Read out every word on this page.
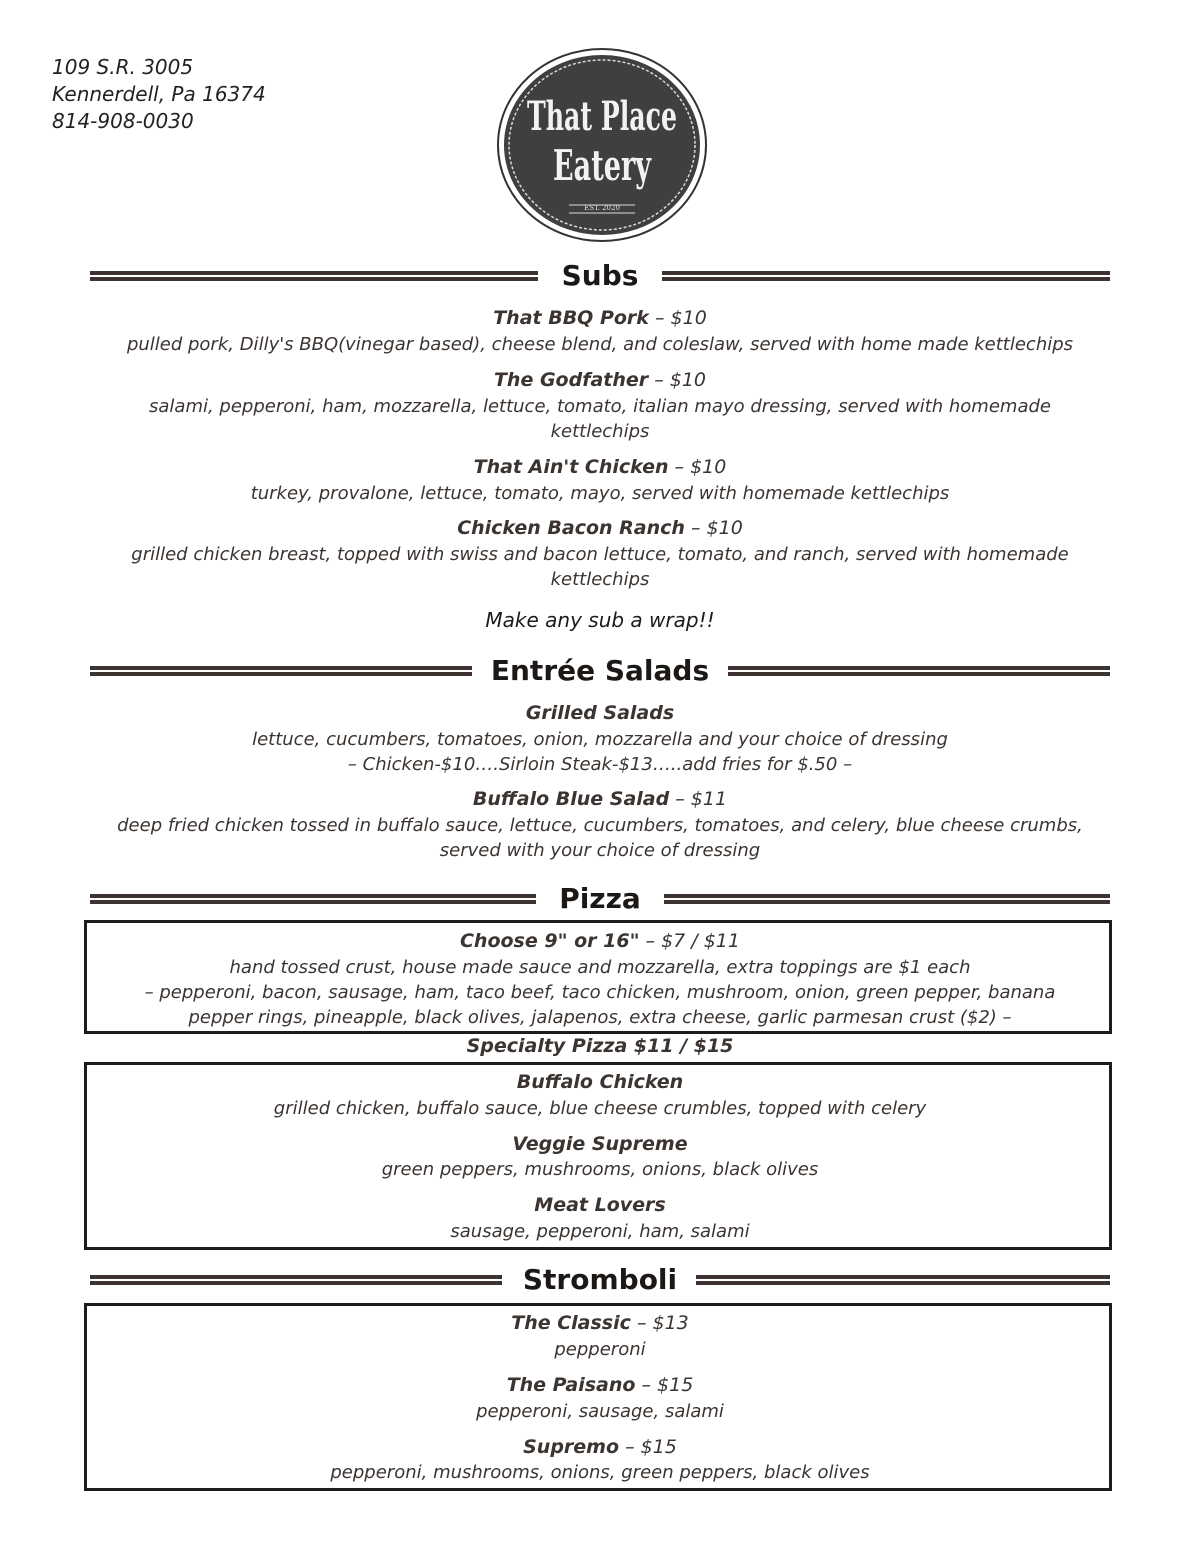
109 S.R. 3005
Kennerdell, Pa 16374
814-908-0030	That Place
Eatery
EST. 2020
Subs
That BBQ Pork – $10
pulled pork, Dilly's BBQ(vinegar based), cheese blend, and coleslaw, served with home made kettlechips
The Godfather – $10
salami, pepperoni, ham, mozzarella, lettuce, tomato, italian mayo dressing, served with homemade kettlechips
That Ain't Chicken – $10
turkey, provalone, lettuce, tomato, mayo, served with homemade kettlechips
Chicken Bacon Ranch – $10
grilled chicken breast, topped with swiss and bacon lettuce, tomato, and ranch, served with homemade kettlechips
Make any sub a wrap!!
Entrée Salads
Grilled Salads
lettuce, cucumbers, tomatoes, onion, mozzarella and your choice of dressing
– Chicken-$10….Sirloin Steak-$13…..add fries for $.50 –
Buffalo Blue Salad – $11
deep fried chicken tossed in buffalo sauce, lettuce, cucumbers, tomatoes, and celery, blue cheese crumbs, served with your choice of dressing
Pizza
Choose 9" or 16" – $7 / $11
hand tossed crust, house made sauce and mozzarella, extra toppings are $1 each
– pepperoni, bacon, sausage, ham, taco beef, taco chicken, mushroom, onion, green pepper, banana pepper rings, pineapple, black olives, jalapenos, extra cheese, garlic parmesan crust ($2) –
Specialty Pizza $11 / $15
Buffalo Chicken
grilled chicken, buffalo sauce, blue cheese crumbles, topped with celery
Veggie Supreme
green peppers, mushrooms, onions, black olives
Meat Lovers
sausage, pepperoni, ham, salami
Stromboli
The Classic – $13
pepperoni
The Paisano – $15
pepperoni, sausage, salami
Supremo – $15
pepperoni, mushrooms, onions, green peppers, black olives
